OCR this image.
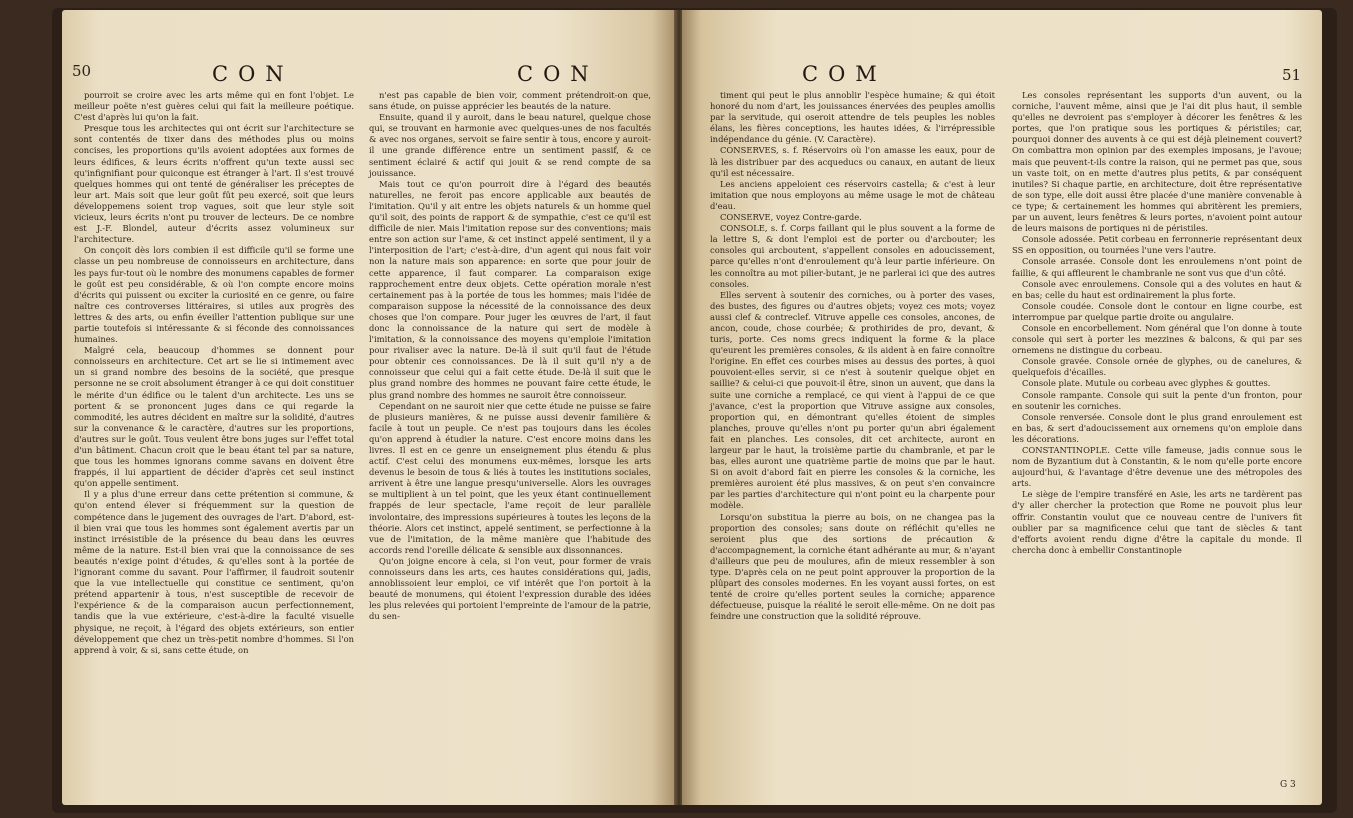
50	CON	CON

pourroit se croire avec les arts même qui en font l'objet. Le meilleur poëte n'est guères celui qui fait la meilleure poétique. C'est d'après lui qu'on la fait.

Presque tous les architectes qui ont écrit sur l'architecture se sont contentés de tixer dans des méthodes plus ou moins concises, les proportions qu'ils avoient adoptées aux formes de leurs édifices, & leurs écrits n'offrent qu'un texte aussi sec qu'infignifiant pour quiconque est étranger à l'art. Il s'est trouvé quelques hommes qui ont tenté de généraliser les préceptes de leur art. Mais soit que leur goût fût peu exercé, soit que leurs développemens soient trop vagues, soit que leur style soit vicieux, leurs écrits n'ont pu trouver de lecteurs. De ce nombre est J.-F. Blondel, auteur d'écrits assez volumineux sur l'architecture.

On conçoit dès lors combien il est difficile qu'il se forme une classe un peu nombreuse de connoisseurs en architecture, dans les pays fur-tout où le nombre des monumens capables de former le goût est peu considérable, & où l'on compte encore moins d'écrits qui puissent ou exciter la curiosité en ce genre, ou faire naître ces controverses littéraires, si utiles aux progrès des lettres & des arts, ou enfin éveiller l'attention publique sur une partie toutefois si intéressante & si féconde des connoissances humaines.

Malgré cela, beaucoup d'hommes se donnent pour connoisseurs en architecture. Cet art se lie si intimement avec un si grand nombre des besoins de la société, que presque personne ne se croit absolument étranger à ce qui doit constituer le mérite d'un édifice ou le talent d'un architecte. Les uns se portent & se prononcent juges dans ce qui regarde la commodité, les autres décident en maître sur la solidité, d'autres sur la convenance & le caractère, d'autres sur les proportions, d'autres sur le goût. Tous veulent être bons juges sur l'effet total d'un bâtiment. Chacun croit que le beau étant tel par sa nature, que tous les hommes ignorans comme savans en doivent être frappés, il lui appartient de décider d'après cet seul instinct qu'on appelle sentiment.

Il y a plus d'une erreur dans cette prétention si commune, & qu'on entend élever si fréquemment sur la question de compétence dans le jugement des ouvrages de l'art. D'abord, est-il bien vrai que tous les hommes sont également avertis par un instinct irrésistible de la présence du beau dans les œuvres même de la nature. Est-il bien vrai que la connoissance de ses beautés n'exige point d'études, & qu'elles sont à la portée de l'ignorant comme du savant. Pour l'affirmer, il faudroit soutenir que la vue intellectuelle qui constitue ce sentiment, qu'on prétend appartenir à tous, n'est susceptible de recevoir de l'expérience & de la comparaison aucun perfectionnement, tandis que la vue extérieure, c'est-à-dire la faculté visuelle physique, ne reçoit, à l'égard des objets extérieurs, son entier développement que chez un très-petit nombre d'hommes. Si l'on apprend à voir, & si, sans cette étude, on

n'est pas capable de bien voir, comment prétendroit-on que, sans étude, on puisse apprécier les beautés de la nature.

Ensuite, quand il y auroit, dans le beau naturel, quelque chose qui, se trouvant en harmonie avec quelques-unes de nos facultés & avec nos organes, servoit se faire sentir à tous, encore y auroit-il une grande différence entre un sentiment passif, & ce sentiment éclairé & actif qui jouit & se rend compte de sa jouissance.

Mais tout ce qu'on pourroit dire à l'égard des beautés naturelles, ne feroit pas encore applicable aux beautés de l'imitation. Qu'il y ait entre les objets naturels & un homme quel qu'il soit, des points de rapport & de sympathie, c'est ce qu'il est difficile de nier. Mais l'imitation repose sur des conventions; mais entre son action sur l'ame, & cet instinct appelé sentiment, il y a l'interposition de l'art; c'est-à-dire, d'un agent qui nous fait voir non la nature mais son apparence: en sorte que pour jouir de cette apparence, il faut comparer. La comparaison exige rapprochement entre deux objets. Cette opération morale n'est certainement pas à la portée de tous les hommes; mais l'idée de comparaison suppose la nécessité de la connoissance des deux choses que l'on compare. Pour juger les œuvres de l'art, il faut donc la connoissance de la nature qui sert de modèle à l'imitation, & la connoissance des moyens qu'emploie l'imitation pour rivaliser avec la nature. De-là il suit qu'il faut de l'étude pour obtenir ces connoissances. De là il suit qu'il n'y a de connoisseur que celui qui a fait cette étude. De-là il suit que le plus grand nombre des hommes ne pouvant faire cette étude, le plus grand nombre des hommes ne sauroit être connoisseur.

Cependant on ne sauroit nier que cette étude ne puisse se faire de plusieurs manières, & ne puisse aussi devenir familière & facile à tout un peuple. Ce n'est pas toujours dans les écoles qu'on apprend à étudier la nature. C'est encore moins dans les livres. Il est en ce genre un enseignement plus étendu & plus actif. C'est celui des monumens eux-mêmes, lorsque les arts devenus le besoin de tous & liés à toutes les institutions sociales, arrivent à être une langue presqu'universelle. Alors les ouvrages se multiplient à un tel point, que les yeux étant continuellement frappés de leur spectacle, l'ame reçoit de leur parallèle involontaire, des impressions supérieures à toutes les leçons de la théorie. Alors cet instinct, appelé sentiment, se perfectionne à la vue de l'imitation, de la même manière que l'habitude des accords rend l'oreille délicate & sensible aux dissonnances.

Qu'on joigne encore à cela, si l'on veut, pour former de vrais connoisseurs dans les arts, ces hautes considérations qui, jadis, annoblissoient leur emploi, ce vif intérêt que l'on portoit à la beauté de monumens, qui étoient l'expression durable des idées les plus relevées qui portoient l'empreinte de l'amour de la patrie, du sen-

COM	51

timent qui peut le plus annoblir l'espèce humaine; & qui étoit honoré du nom d'art, les jouissances énervées des peuples amollis par la servitude, qui oseroit attendre de tels peuples les nobles élans, les fières conceptions, les hautes idées, & l'irrépressible indépendance du génie. (V. Caractère).

CONSERVES, s. f. Réservoirs où l'on amasse les eaux, pour de là les distribuer par des acqueducs ou canaux, en autant de lieux qu'il est nécessaire.

Les anciens appeloient ces réservoirs castella; & c'est à leur imitation que nous employons au même usage le mot de château d'eau.

CONSERVE, voyez Contre-garde.

CONSOLE, s. f. Corps faillant qui le plus souvent a la forme de la lettre S, & dont l'emploi est de porter ou d'arcbouter; les consoles qui arcboutent, s'appellent consoles en adoucissement, parce qu'elles n'ont d'enroulement qu'à leur partie inférieure. On les connoîtra au mot pilier-butant, je ne parlerai ici que des autres consoles.

Elles servent à soutenir des corniches, ou à porter des vases, des bustes, des figures ou d'autres objets; voyez ces mots; voyez aussi clef & contreclef. Vitruve appelle ces consoles, ancones, de ancon, coude, chose courbée; & prothirides de pro, devant, & turis, porte. Ces noms grecs indiquent la forme & la place qu'eurent les premières consoles, & ils aident à en faire connoître l'origine. En effet ces courbes mises au dessus des portes, à quoi pouvoient-elles servir, si ce n'est à soutenir quelque objet en saillie? & celui-ci que pouvoit-il être, sinon un auvent, que dans la suite une corniche a remplacé, ce qui vient à l'appui de ce que j'avance, c'est la proportion que Vitruve assigne aux consoles, proportion qui, en démontrant qu'elles étoient de simples planches, prouve qu'elles n'ont pu porter qu'un abri également fait en planches. Les consoles, dit cet architecte, auront en largeur par le haut, la troisième partie du chambranle, et par le bas, elles auront une quatrième partie de moins que par le haut. Si on avoit d'abord fait en pierre les consoles & la corniche, les premières auroient été plus massives, & on peut s'en convaincre par les parties d'architecture qui n'ont point eu la charpente pour modèle.

Lorsqu'on substitua la pierre au bois, on ne changea pas la proportion des consoles; sans doute on réfléchit qu'elles ne seroient plus que des sortions de précaution & d'accompagnement, la corniche étant adhérante au mur, & n'ayant d'ailleurs que peu de moulures, afin de mieux ressembler à son type. D'après cela on ne peut point approuver la proportion de la plûpart des consoles modernes. En les voyant aussi fortes, on est tenté de croire qu'elles portent seules la corniche; apparence défectueuse, puisque la réalité le seroit elle-même. On ne doit pas feindre une construction que la solidité réprouve.

Les consoles représentant les supports d'un auvent, ou la corniche, l'auvent même, ainsi que je l'ai dit plus haut, il semble qu'elles ne devroient pas s'employer à décorer les fenêtres & les portes, que l'on pratique sous les portiques & péristiles; car, pourquoi donner des auvents à ce qui est déjà pleinement couvert? On combattra mon opinion par des exemples imposans, je l'avoue; mais que peuvent-t-ils contre la raison, qui ne permet pas que, sous un vaste toit, on en mette d'autres plus petits, & par conséquent inutiles? Si chaque partie, en architecture, doit être représentative de son type, elle doit aussi être placée d'une manière convenable à ce type; & certainement les hommes qui abritèrent les premiers, par un auvent, leurs fenêtres & leurs portes, n'avoient point autour de leurs maisons de portiques ni de péristiles.

Console adossée. Petit corbeau en ferronnerie représentant deux SS en opposition, ou tournées l'une vers l'autre.

Console arrasée. Console dont les enroulemens n'ont point de faillie, & qui affleurent le chambranle ne sont vus que d'un côté.

Console avec enroulemens. Console qui a des volutes en haut & en bas; celle du haut est ordinairement la plus forte.

Console coudée. Console dont le contour en ligne courbe, est interrompue par quelque partie droite ou angulaire.

Console en encorbellement. Nom général que l'on donne à toute console qui sert à porter les mezzines & balcons, & qui par ses ornemens ne distingue du corbeau.

Console gravée. Console ornée de glyphes, ou de canelures, & quelquefois d'écailles.

Console plate. Mutule ou corbeau avec glyphes & gouttes.

Console rampante. Console qui suit la pente d'un fronton, pour en soutenir les corniches.

Console renversée. Console dont le plus grand enroulement est en bas, & sert d'adoucissement aux ornemens qu'on emploie dans les décorations.

CONSTANTINOPLE. Cette ville fameuse, jadis connue sous le nom de Byzantium dut à Constantin, & le nom qu'elle porte encore aujourd'hui, & l'avantage d'être devenue une des métropoles des arts.

Le siège de l'empire transféré en Asie, les arts ne tardèrent pas d'y aller chercher la protection que Rome ne pouvoit plus leur offrir. Constantin voulut que ce nouveau centre de l'univers fit oublier par sa magnificence celui que tant de siècles & tant d'efforts avoient rendu digne d'être la capitale du monde. Il chercha donc à embellir Constantinople

G 3
